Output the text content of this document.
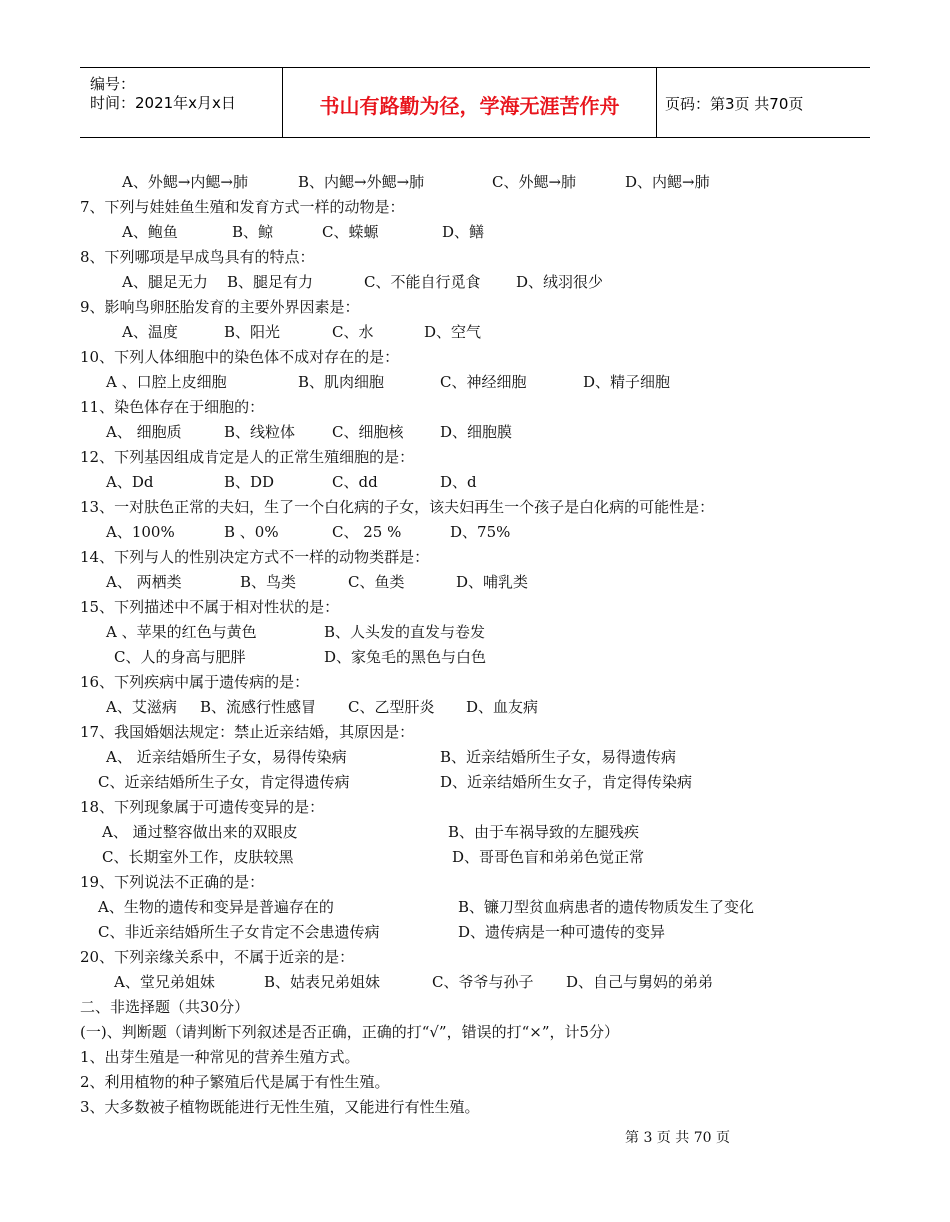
编号：
时间：2021年x月x日	书山有路勤为径，学海无涯苦作舟	页码：第3页 共70页
A、外鳃→内鳃→肺	B、内鳃→外鳃→肺	C、外鳃→肺	D、内鳃→肺
7、下列与娃娃鱼生殖和发育方式一样的动物是：
A、鲍鱼	B、鲸	C、蝾螈	D、鳝
8、下列哪项是早成鸟具有的特点：
A、腿足无力 B、腿足有力	C、不能自行觅食 D、绒羽很少
9、影响鸟卵胚胎发育的主要外界因素是：
A、温度	B、阳光	C、水	D、空气
10、下列人体细胞中的染色体不成对存在的是：
A 、口腔上皮细胞	B、肌肉细胞	C、神经细胞	D、精子细胞
11、染色体存在于细胞的：
A、 细胞质	B、线粒体 C、细胞核 D、细胞膜
12、下列基因组成肯定是人的正常生殖细胞的是：
A、Dd	B、DD	C、dd	D、d
13、一对肤色正常的夫妇，生了一个白化病的子女，该夫妇再生一个孩子是白化病的可能性是：
A、100%	B 、0%	C、 25 %	D、75%
14、下列与人的性别决定方式不一样的动物类群是：
A、 两栖类	B、鸟类	C、鱼类	D、哺乳类
15、下列描述中不属于相对性状的是：
A 、苹果的红色与黄色	B、人头发的直发与卷发
C、人的身高与肥胖	D、家兔毛的黑色与白色
16、下列疾病中属于遗传病的是：
A、艾滋病 B、流感行性感冒 C、乙型肝炎 D、血友病
17、我国婚姻法规定：禁止近亲结婚，其原因是：
A、 近亲结婚所生子女，易得传染病	B、近亲结婚所生子女，易得遗传病
C、近亲结婚所生子女，肯定得遗传病	D、近亲结婚所生女子，肯定得传染病
18、下列现象属于可遗传变异的是：
A、 通过整容做出来的双眼皮	B、由于车祸导致的左腿残疾
C、长期室外工作，皮肤较黑	D、哥哥色盲和弟弟色觉正常
19、下列说法不正确的是：
A、生物的遗传和变异是普遍存在的	B、镰刀型贫血病患者的遗传物质发生了变化
C、非近亲结婚所生子女肯定不会患遗传病	D、遗传病是一种可遗传的变异
20、下列亲缘关系中，不属于近亲的是：
A、堂兄弟姐妹	B、姑表兄弟姐妹	C、爷爷与孙子 D、自己与舅妈的弟弟
二、非选择题（共30分）
(一)、判断题（请判断下列叙述是否正确，正确的打“√”，错误的打“×”，计5分）
1、出芽生殖是一种常见的营养生殖方式。
2、利用植物的种子繁殖后代是属于有性生殖。
3、大多数被子植物既能进行无性生殖，又能进行有性生殖。
第 3 页 共 70 页
